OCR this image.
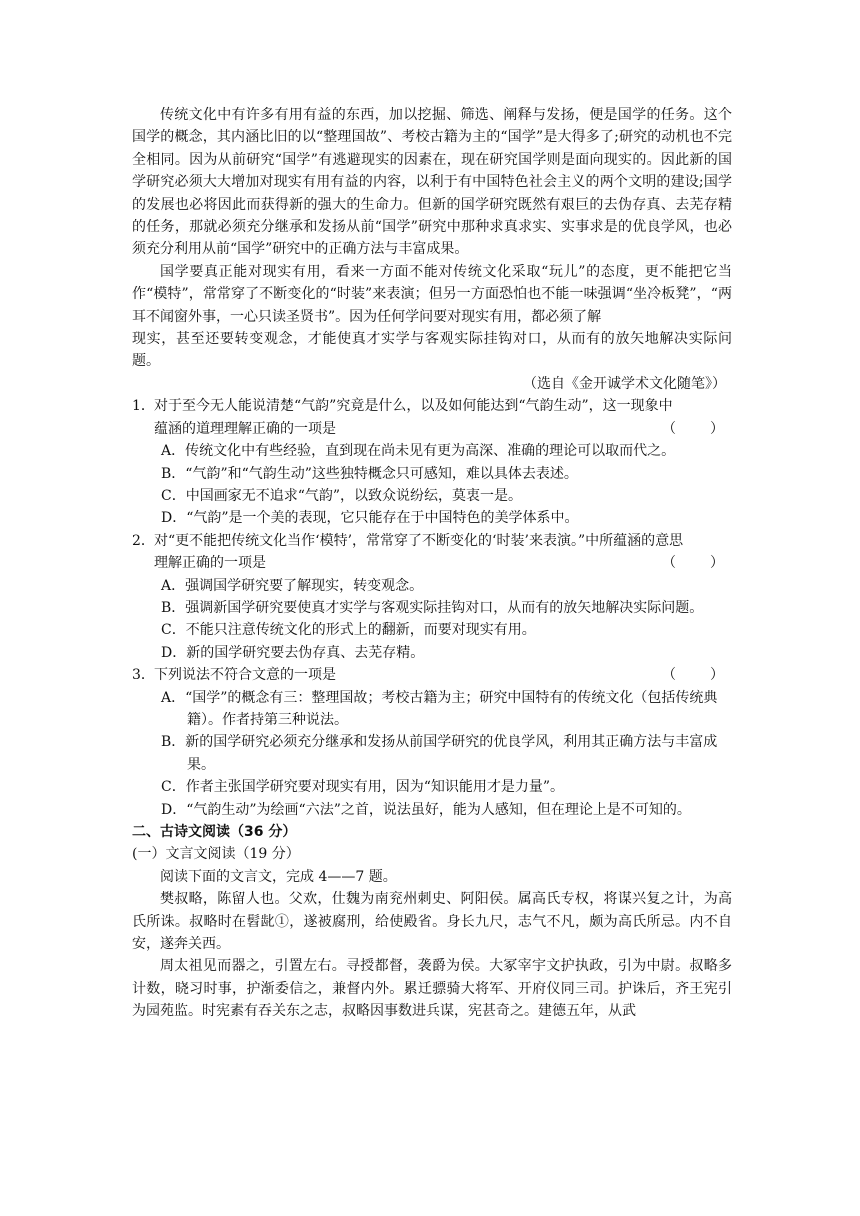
传统文化中有许多有用有益的东西，加以挖掘、筛选、阐释与发扬，便是国学的任务。这个国学的概念，其内涵比旧的以“整理国故”、考校古籍为主的“国学”是大得多了;研究的动机也不完全相同。因为从前研究“国学”有逃避现实的因素在，现在研究国学则是面向现实的。因此新的国学研究必须大大增加对现实有用有益的内容，以利于有中国特色社会主义的两个文明的建设;国学的发展也必将因此而获得新的强大的生命力。但新的国学研究既然有艰巨的去伪存真、去芜存精的任务，那就必须充分继承和发扬从前“国学”研究中那种求真求实、实事求是的优良学风，也必须充分利用从前“国学”研究中的正确方法与丰富成果。

国学要真正能对现实有用，看来一方面不能对传统文化采取“玩儿”的态度，更不能把它当作“模特”，常常穿了不断变化的“时装”来表演；但另一方面恐怕也不能一味强调“坐冷板凳”，“两耳不闻窗外事，一心只读圣贤书”。因为任何学问要对现实有用，都必须了解

现实，甚至还要转变观念，才能使真才实学与客观实际挂钩对口，从而有的放矢地解决实际问题。

（选自《金开诚学术文化随笔》）

1． 对于至今无人能说清楚“气韵”究竟是什么，以及如何能达到“气韵生动”，这一现象中蕴涵的道理理解正确的一项是	（　　）

A．传统文化中有些经验，直到现在尚未见有更为高深、准确的理论可以取而代之。

B．“气韵”和“气韵生动”这些独特概念只可感知，难以具体去表述。

C．中国画家无不追求“气韵”，以致众说纷纭，莫衷一是。

D．“气韵”是一个美的表现，它只能存在于中国特色的美学体系中。

2． 对“更不能把传统文化当作‘模特’，常常穿了不断变化的‘时装’来表演。”中所蕴涵的意思理解正确的一项是	（　　）

A．强调国学研究要了解现实，转变观念。

B．强调新国学研究要使真才实学与客观实际挂钩对口，从而有的放矢地解决实际问题。

C．不能只注意传统文化的形式上的翻新，而要对现实有用。

D．新的国学研究要去伪存真、去芜存精。

3． 下列说法不符合文意的一项是	（　　）

A．“国学”的概念有三：整理国故；考校古籍为主；研究中国特有的传统文化（包括传统典籍）。作者持第三种说法。

B．新的国学研究必须充分继承和发扬从前国学研究的优良学风，利用其正确方法与丰富成果。

C．作者主张国学研究要对现实有用，因为“知识能用才是力量”。

D．“气韵生动”为绘画“六法”之首，说法虽好，能为人感知，但在理论上是不可知的。

二、古诗文阅读（36 分）

(一）文言文阅读（19 分）

阅读下面的文言文，完成 4——7 题。

樊叔略，陈留人也。父欢，仕魏为南兖州刺史、阿阳侯。属高氏专权，将谋兴复之计，为高氏所诛。叔略时在髫龀①，遂被腐刑，给使殿省。身长九尺，志气不凡，颇为高氏所忌。内不自安，遂奔关西。

周太祖见而器之，引置左右。寻授都督，袭爵为侯。大冢宰宇文护执政，引为中尉。叔略多计数，晓习时事，护渐委信之，兼督内外。累迁骠骑大将军、开府仪同三司。护诛后，齐王宪引为园苑监。时宪素有吞关东之志，叔略因事数进兵谋，宪甚奇之。建德五年，从武
